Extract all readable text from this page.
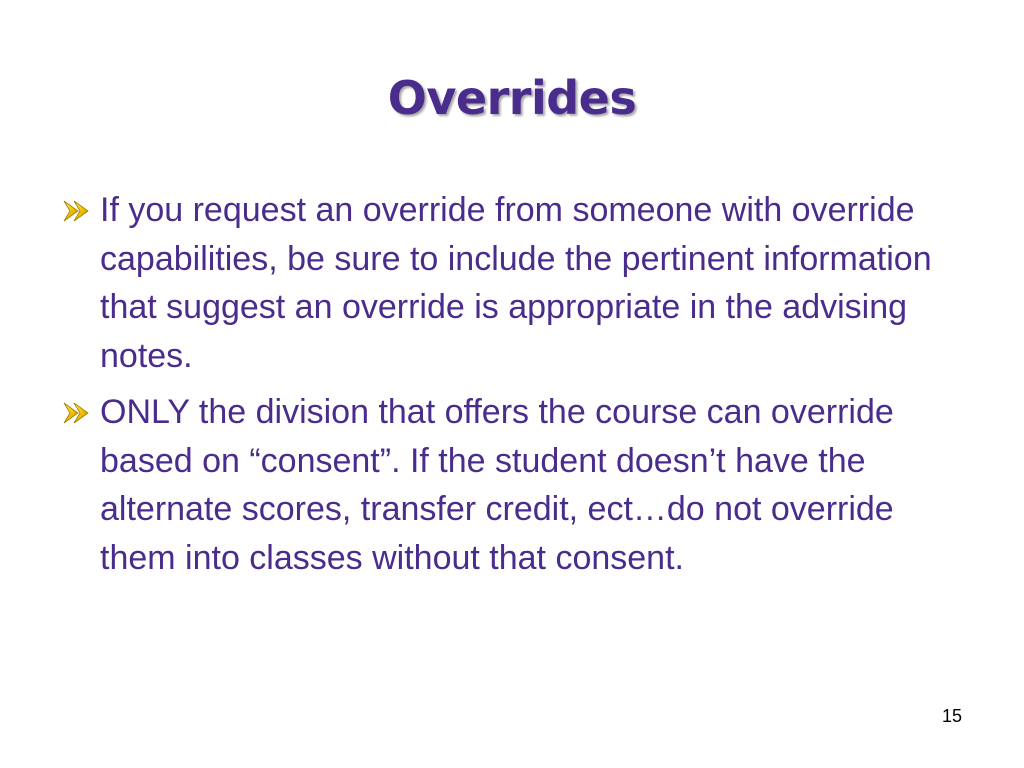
Overrides
If you request an override from someone with override capabilities, be sure to include the pertinent information that suggest an override is appropriate in the advising notes.
ONLY the division that offers the course can override based on “consent”. If the student doesn’t have the alternate scores, transfer credit, ect…do not override them into classes without that consent.
15
